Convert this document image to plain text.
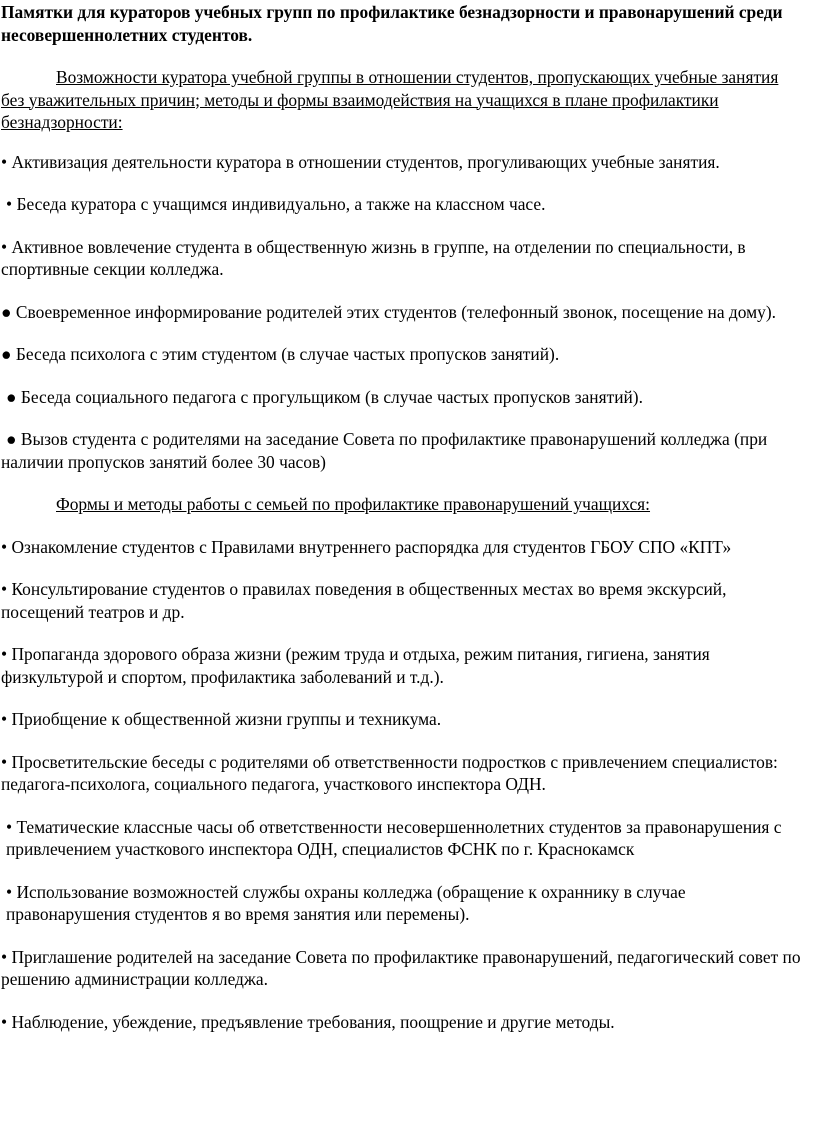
Памятки для кураторов учебных групп по профилактике безнадзорности и правонарушений среди несовершеннолетних студентов.

Возможности куратора учебной группы в отношении студентов, пропускающих учебные занятия без уважительных причин; методы и формы взаимодействия на учащихся в плане профилактики безнадзорности:

• Активизация деятельности куратора в отношении студентов, прогуливающих учебные занятия.

• Беседа куратора с учащимся индивидуально, а также на классном часе.

• Активное вовлечение студента в общественную жизнь в группе, на отделении по специальности, в спортивные секции колледжа.

● Своевременное информирование родителей этих студентов (телефонный звонок, посещение на дому).

● Беседа психолога с этим студентом (в случае частых пропусков занятий).

● Беседа социального педагога с прогульщиком (в случае частых пропусков занятий).

● Вызов студента с родителями на заседание Совета по профилактике правонарушений колледжа (при наличии пропусков занятий более 30 часов)

Формы и методы работы с семьей по профилактике правонарушений учащихся:

• Ознакомление студентов с Правилами внутреннего распорядка для студентов ГБОУ СПО «КПТ»

• Консультирование студентов о правилах поведения в общественных местах во время экскурсий, посещений театров и др.

• Пропаганда здорового образа жизни (режим труда и отдыха, режим питания, гигиена, занятия физкультурой и спортом, профилактика заболеваний и т.д.).

• Приобщение к общественной жизни группы и техникума.

• Просветительские беседы с родителями об ответственности подростков с привлечением специалистов: педагога-психолога, социального педагога, участкового инспектора ОДН.

• Тематические классные часы об ответственности несовершеннолетних студентов за правонарушения с привлечением участкового инспектора ОДН, специалистов ФСНК по г. Краснокамск

• Использование возможностей службы охраны колледжа (обращение к охраннику в случае правонарушения студентов я во время занятия или перемены).

• Приглашение родителей на заседание Совета по профилактике правонарушений, педагогический совет по решению администрации колледжа.

• Наблюдение, убеждение, предъявление требования, поощрение и другие методы.
